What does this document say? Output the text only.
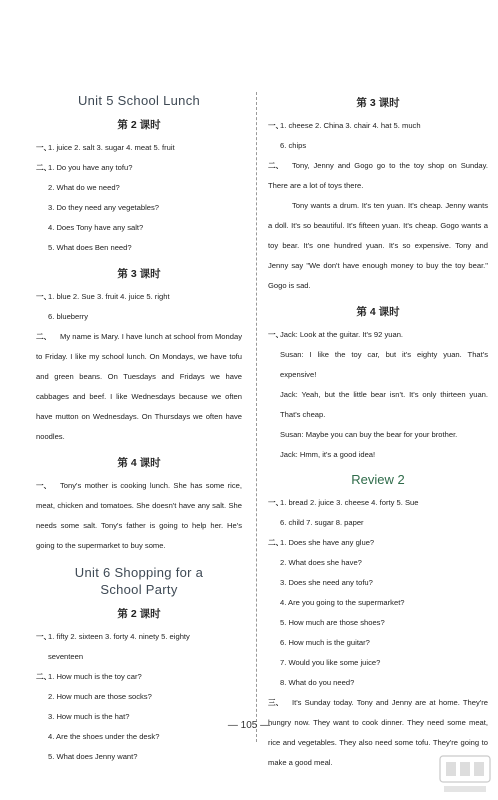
Unit 5 School Lunch
第 2 课时
一、1. juice 2. salt 3. sugar 4. meat 5. fruit
二、1. Do you have any tofu?
2. What do we need?
3. Do they need any vegetables?
4. Does Tony have any salt?
5. What does Ben need?
第 3 课时
一、1. blue 2. Sue 3. fruit 4. juice 5. right
6. blueberry
二、	My name is Mary. I have lunch at school from Monday to Friday. I like my school lunch. On Mondays, we have tofu and green beans. On Tuesdays and Fridays we have cabbages and beef. I like Wednesdays because we often have mutton on Wednesdays. On Thursdays we often have noodles.

第 4 课时
一、	Tony's mother is cooking lunch. She has some rice, meat, chicken and tomatoes. She doesn't have any salt. She needs some salt. Tony's father is going to help her. He's going to the supermarket to buy some.

Unit 6 Shopping for a
School Party
第 2 课时
一、1. fifty 2. sixteen 3. forty 4. ninety 5. eighty
seventeen
二、1. How much is the toy car?
2. How much are those socks?
3. How much is the hat?
4. Are the shoes under the desk?
5. What does Jenny want?
第 3 课时
一、1. cheese 2. China 3. chair 4. hat 5. much
6. chips
二、	Tony, Jenny and Gogo go to the toy shop on Sunday. There are a lot of toys there.

Tony wants a drum. It's ten yuan. It's cheap. Jenny wants a doll. It's so beautiful. It's fifteen yuan. It's cheap. Gogo wants a toy bear. It's one hundred yuan. It's so expensive. Tony and Jenny say "We don't have enough money to buy the toy bear." Gogo is sad.

第 4 课时
一、

Jack: Look at the guitar. It's 92 yuan.

Susan: I like the toy car, but it's eighty yuan. That's expensive!

Jack: Yeah, but the little bear isn't. It's only thirteen yuan. That's cheap.

Susan: Maybe you can buy the bear for your brother.

Jack: Hmm, it's a good idea!

Review 2
一、1. bread 2. juice 3. cheese 4. forty 5. Sue
6. child 7. sugar 8. paper
二、1. Does she have any glue?
2. What does she have?
3. Does she need any tofu?
4. Are you going to the supermarket?
5. How much are those shoes?
6. How much is the guitar?
7. Would you like some juice?
8. What do you need?
三、	It's Sunday today. Tony and Jenny are at home. They're hungry now. They want to cook dinner. They need some meat, rice and vegetables. They also need some tofu. They're going to make a good meal.

— 105 —
